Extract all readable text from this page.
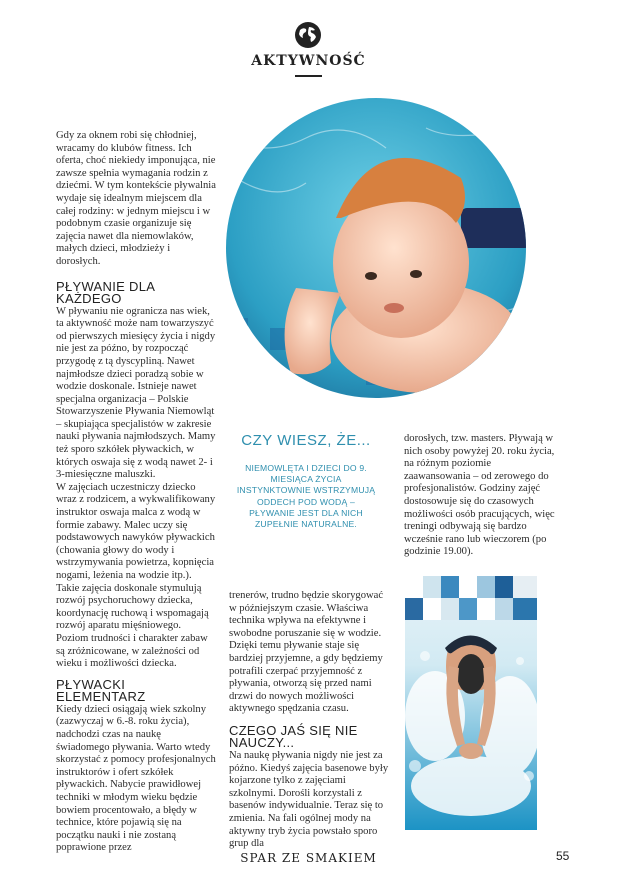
AKTYWNOŚĆ

Gdy za oknem robi się chłodniej, wracamy do klubów fitness. Ich oferta, choć niekiedy imponująca, nie zawsze spełnia wymagania rodzin z dziećmi. W tym kontekście pływalnia wydaje się idealnym miejscem dla całej rodziny: w jednym miejscu i w podobnym czasie organizuje się zajęcia nawet dla niemowlaków, małych dzieci, młodzieży i dorosłych.

PŁYWANIE DLA KAŻDEGO

W pływaniu nie ogranicza nas wiek, ta aktywność może nam towarzyszyć od pierwszych miesięcy życia i nigdy nie jest za późno, by rozpocząć przygodę z tą dyscypliną. Nawet najmłodsze dzieci poradzą sobie w wodzie doskonale. Istnieje nawet specjalna organizacja – Polskie Stowarzyszenie Pływania Niemowląt – skupiająca specjalistów w zakresie nauki pływania najmłodszych. Mamy też sporo szkółek pływackich, w których oswaja się z wodą nawet 2- i 3-miesięczne maluszki.

W zajęciach uczestniczy dziecko wraz z rodzicem, a wykwalifikowany instruktor oswaja malca z wodą w formie zabawy. Malec uczy się podstawowych nawyków pływackich (chowania głowy do wody i wstrzymywania powietrza, kopnięcia nogami, leżenia na wodzie itp.). Takie zajęcia doskonale stymulują rozwój psychoruchowy dziecka, koordynację ruchową i wspomagają rozwój aparatu mięśniowego. Poziom trudności i charakter zabaw są zróżnicowane, w zależności od wieku i możliwości dziecka.

PŁYWACKI ELEMENTARZ

Kiedy dzieci osiągają wiek szkolny (zazwyczaj w 6.-8. roku życia), nadchodzi czas na naukę świadomego pływania. Warto wtedy skorzystać z pomocy profesjonalnych instruktorów i ofert szkółek pływackich. Nabycie prawidłowej techniki w młodym wieku będzie bowiem procentowało, a błędy w technice, które pojawią się na początku nauki i nie zostaną poprawione przez

CZY WIESZ, ŻE...
NIEMOWLĘTA I DZIECI DO 9. MIESIĄCA ŻYCIA INSTYNKTOWNIE WSTRZYMUJĄ ODDECH POD WODĄ – PŁYWANIE JEST DLA NICH ZUPEŁNIE NATURALNE.

dorosłych, tzw. masters. Pływają w nich osoby powyżej 20. roku życia, na różnym poziomie zaawansowania – od zerowego do profesjonalistów. Godziny zajęć dostosowuje się do czasowych możliwości osób pracujących, więc treningi odbywają się bardzo wcześnie rano lub wieczorem (po godzinie 19.00).

trenerów, trudno będzie skorygować w późniejszym czasie. Właściwa technika wpływa na efektywne i swobodne poruszanie się w wodzie. Dzięki temu pływanie staje się bardziej przyjemne, a gdy będziemy potrafili czerpać przyjemność z pływania, otworzą się przed nami drzwi do nowych możliwości aktywnego spędzania czasu.

CZEGO JAŚ SIĘ NIE NAUCZY...

Na naukę pływania nigdy nie jest za późno. Kiedyś zajęcia basenowe były kojarzone tylko z zajęciami szkolnymi. Dorośli korzystali z basenów indywidualnie. Teraz się to zmienia. Na fali ogólnej mody na aktywny tryb życia powstało sporo grup dla

SPAR ZE SMAKIEM	55
